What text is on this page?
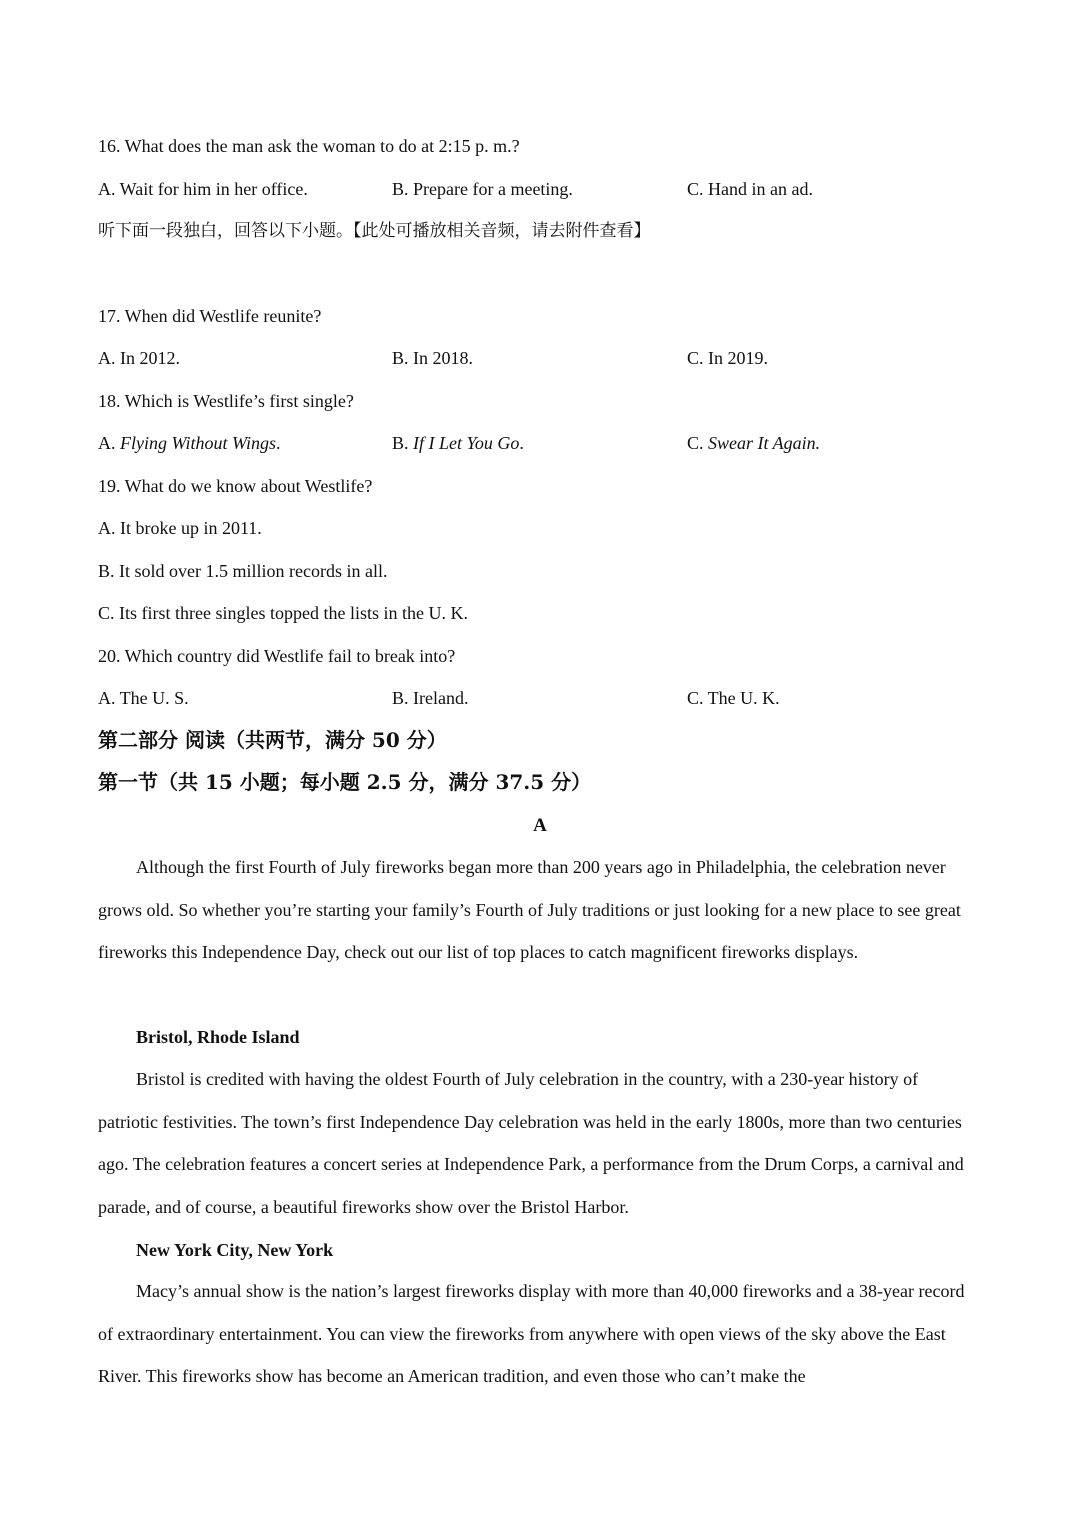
16. What does the man ask the woman to do at 2:15 p. m.?
A. Wait for him in her office.	B. Prepare for a meeting.	C. Hand in an ad.
听下面一段独白，回答以下小题。【此处可播放相关音频，请去附件查看】
17. When did Westlife reunite?
A. In 2012.	B. In 2018.	C. In 2019.
18. Which is Westlife’s first single?
A. Flying Without Wings.	B. If I Let You Go.	C. Swear It Again.
19. What do we know about Westlife?
A. It broke up in 2011.
B. It sold over 1.5 million records in all.
C. Its first three singles topped the lists in the U. K.
20. Which country did Westlife fail to break into?
A. The U. S.	B. Ireland.	C. The U. K.
第二部分 阅读（共两节，满分 50 分）
第一节（共 15 小题；每小题 2.5 分，满分 37.5 分）
A
Although the first Fourth of July fireworks began more than 200 years ago in Philadelphia, the celebration never grows old. So whether you’re starting your family’s Fourth of July traditions or just looking for a new place to see great fireworks this Independence Day, check out our list of top places to catch magnificent fireworks displays.
Bristol, Rhode Island
Bristol is credited with having the oldest Fourth of July celebration in the country, with a 230-year history of patriotic festivities. The town’s first Independence Day celebration was held in the early 1800s, more than two centuries ago. The celebration features a concert series at Independence Park, a performance from the Drum Corps, a carnival and parade, and of course, a beautiful fireworks show over the Bristol Harbor.
New York City, New York
Macy’s annual show is the nation’s largest fireworks display with more than 40,000 fireworks and a 38-year record of extraordinary entertainment. You can view the fireworks from anywhere with open views of the sky above the East River. This fireworks show has become an American tradition, and even those who can’t make the
